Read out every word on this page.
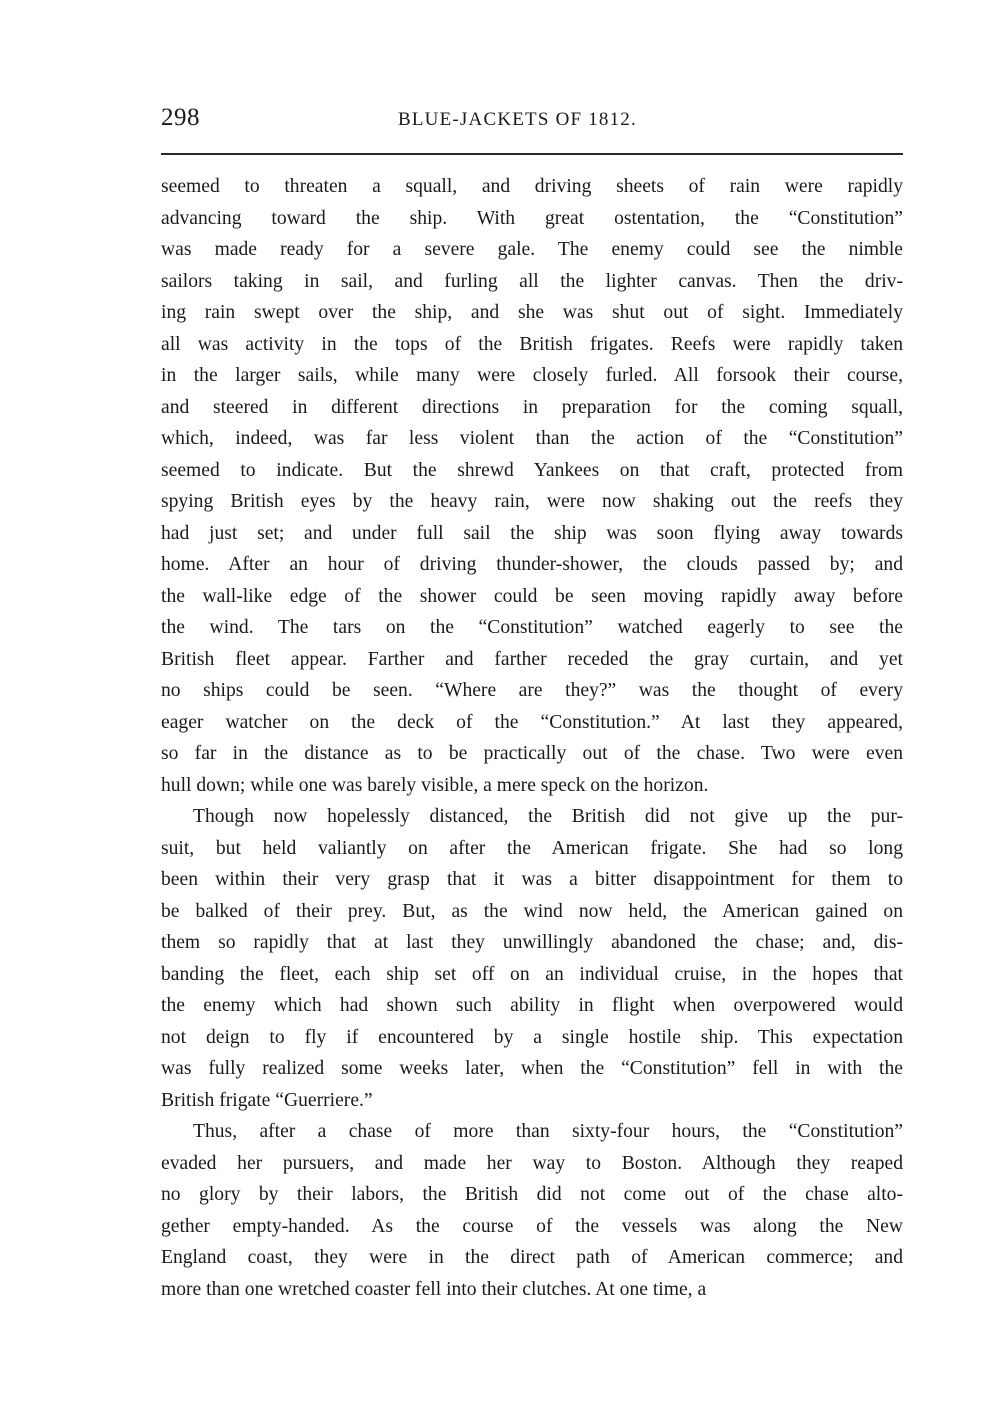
298	BLUE-JACKETS OF 1812.
seemed to threaten a squall, and driving sheets of rain were rapidly
advancing toward the ship. With great ostentation, the “Constitution”
was made ready for a severe gale. The enemy could see the nimble
sailors taking in sail, and furling all the lighter canvas. Then the driv-
ing rain swept over the ship, and she was shut out of sight. Immediately
all was activity in the tops of the British frigates. Reefs were rapidly taken
in the larger sails, while many were closely furled. All forsook their course,
and steered in different directions in preparation for the coming squall,
which, indeed, was far less violent than the action of the “Constitution”
seemed to indicate. But the shrewd Yankees on that craft, protected from
spying British eyes by the heavy rain, were now shaking out the reefs they
had just set; and under full sail the ship was soon flying away towards
home. After an hour of driving thunder-shower, the clouds passed by; and
the wall-like edge of the shower could be seen moving rapidly away before
the wind. The tars on the “Constitution” watched eagerly to see the
British fleet appear. Farther and farther receded the gray curtain, and yet
no ships could be seen. “Where are they?” was the thought of every
eager watcher on the deck of the “Constitution.” At last they appeared,
so far in the distance as to be practically out of the chase. Two were even
hull down; while one was barely visible, a mere speck on the horizon.
Though now hopelessly distanced, the British did not give up the pur-
suit, but held valiantly on after the American frigate. She had so long
been within their very grasp that it was a bitter disappointment for them to
be balked of their prey. But, as the wind now held, the American gained on
them so rapidly that at last they unwillingly abandoned the chase; and, dis-
banding the fleet, each ship set off on an individual cruise, in the hopes that
the enemy which had shown such ability in flight when overpowered would
not deign to fly if encountered by a single hostile ship. This expectation
was fully realized some weeks later, when the “Constitution” fell in with the
British frigate “Guerriere.”
Thus, after a chase of more than sixty-four hours, the “Constitution”
evaded her pursuers, and made her way to Boston. Although they reaped
no glory by their labors, the British did not come out of the chase alto-
gether empty-handed. As the course of the vessels was along the New
England coast, they were in the direct path of American commerce; and
more than one wretched coaster fell into their clutches. At one time, a
